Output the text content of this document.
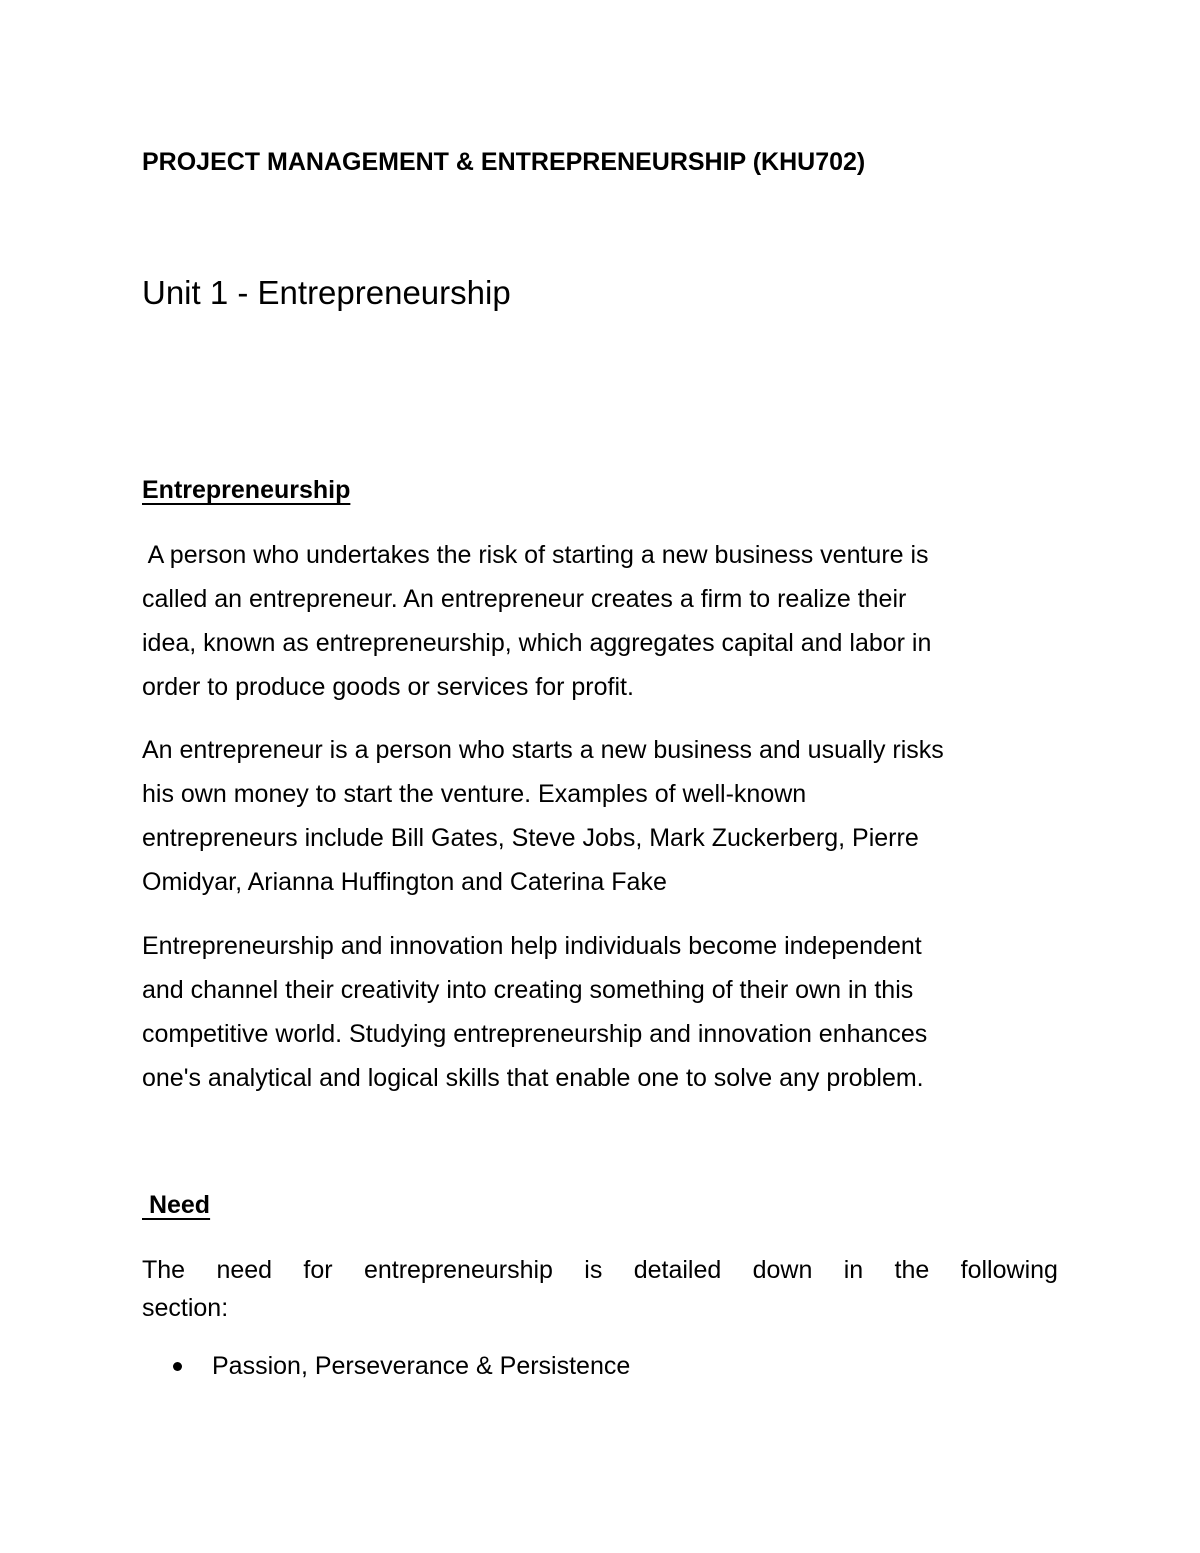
PROJECT MANAGEMENT & ENTREPRENEURSHIP (KHU702)
Unit 1 - Entrepreneurship
Entrepreneurship
A person who undertakes the risk of starting a new business venture is
called an entrepreneur. An entrepreneur creates a firm to realize their
idea, known as entrepreneurship, which aggregates capital and labor in
order to produce goods or services for profit.
An entrepreneur is a person who starts a new business and usually risks
his own money to start the venture. Examples of well-known
entrepreneurs include Bill Gates, Steve Jobs, Mark Zuckerberg, Pierre
Omidyar, Arianna Huffington and Caterina Fake
Entrepreneurship and innovation help individuals become independent
and channel their creativity into creating something of their own in this
competitive world. Studying entrepreneurship and innovation enhances
one's analytical and logical skills that enable one to solve any problem.
Need
The need for entrepreneurship is detailed down in the following
section:
Passion, Perseverance & Persistence
